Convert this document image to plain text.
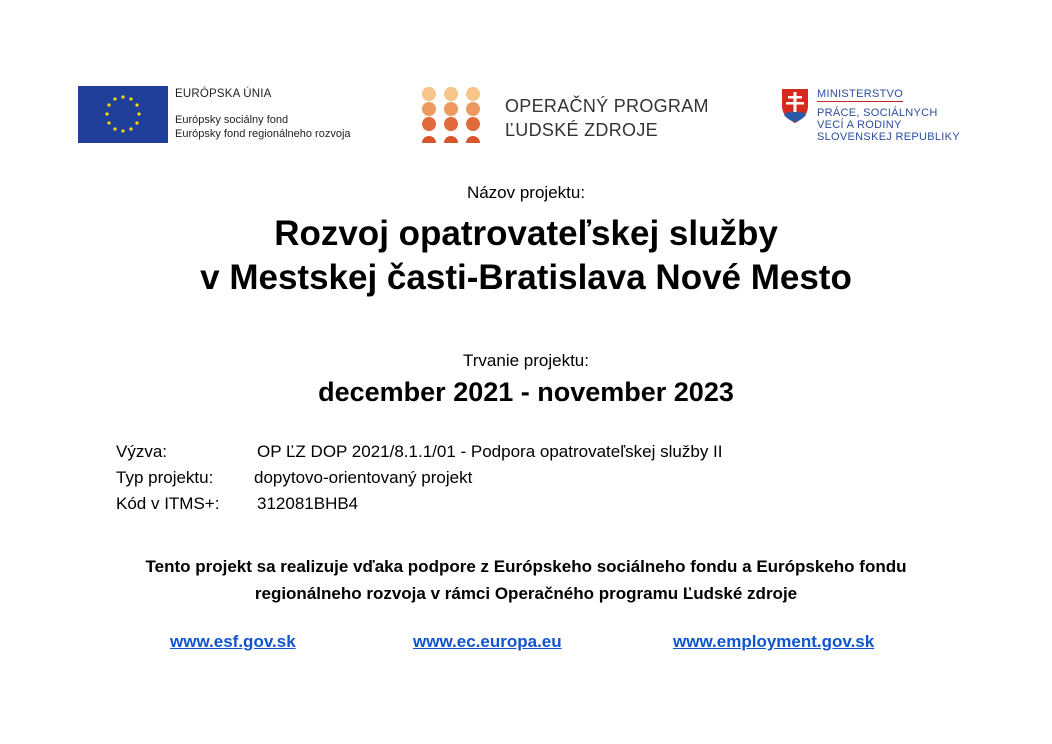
EURÓPSKA ÚNIA
Európsky sociálny fond
Európsky fond regionálneho rozvoja
OPERAČNÝ PROGRAM
ĽUDSKÉ ZDROJE
MINISTERSTVO
PRÁCE, SOCIÁLNYCH
VECÍ A RODINY
SLOVENSKEJ REPUBLIKY
Názov projektu:
Rozvoj opatrovateľskej služby
v Mestskej časti-Bratislava Nové Mesto
Trvanie projektu:
december 2021 - november 2023
Výzva:	OP ĽZ DOP 2021/8.1.1/01 - Podpora opatrovateľskej služby II
Typ projektu: dopytovo-orientovaný projekt
Kód v ITMS+: 312081BHB4
Tento projekt sa realizuje vďaka podpore z Európskeho sociálneho fondu a Európskeho fondu
regionálneho rozvoja v rámci Operačného programu Ľudské zdroje
www.esf.gov.sk	www.ec.europa.eu	www.employment.gov.sk
